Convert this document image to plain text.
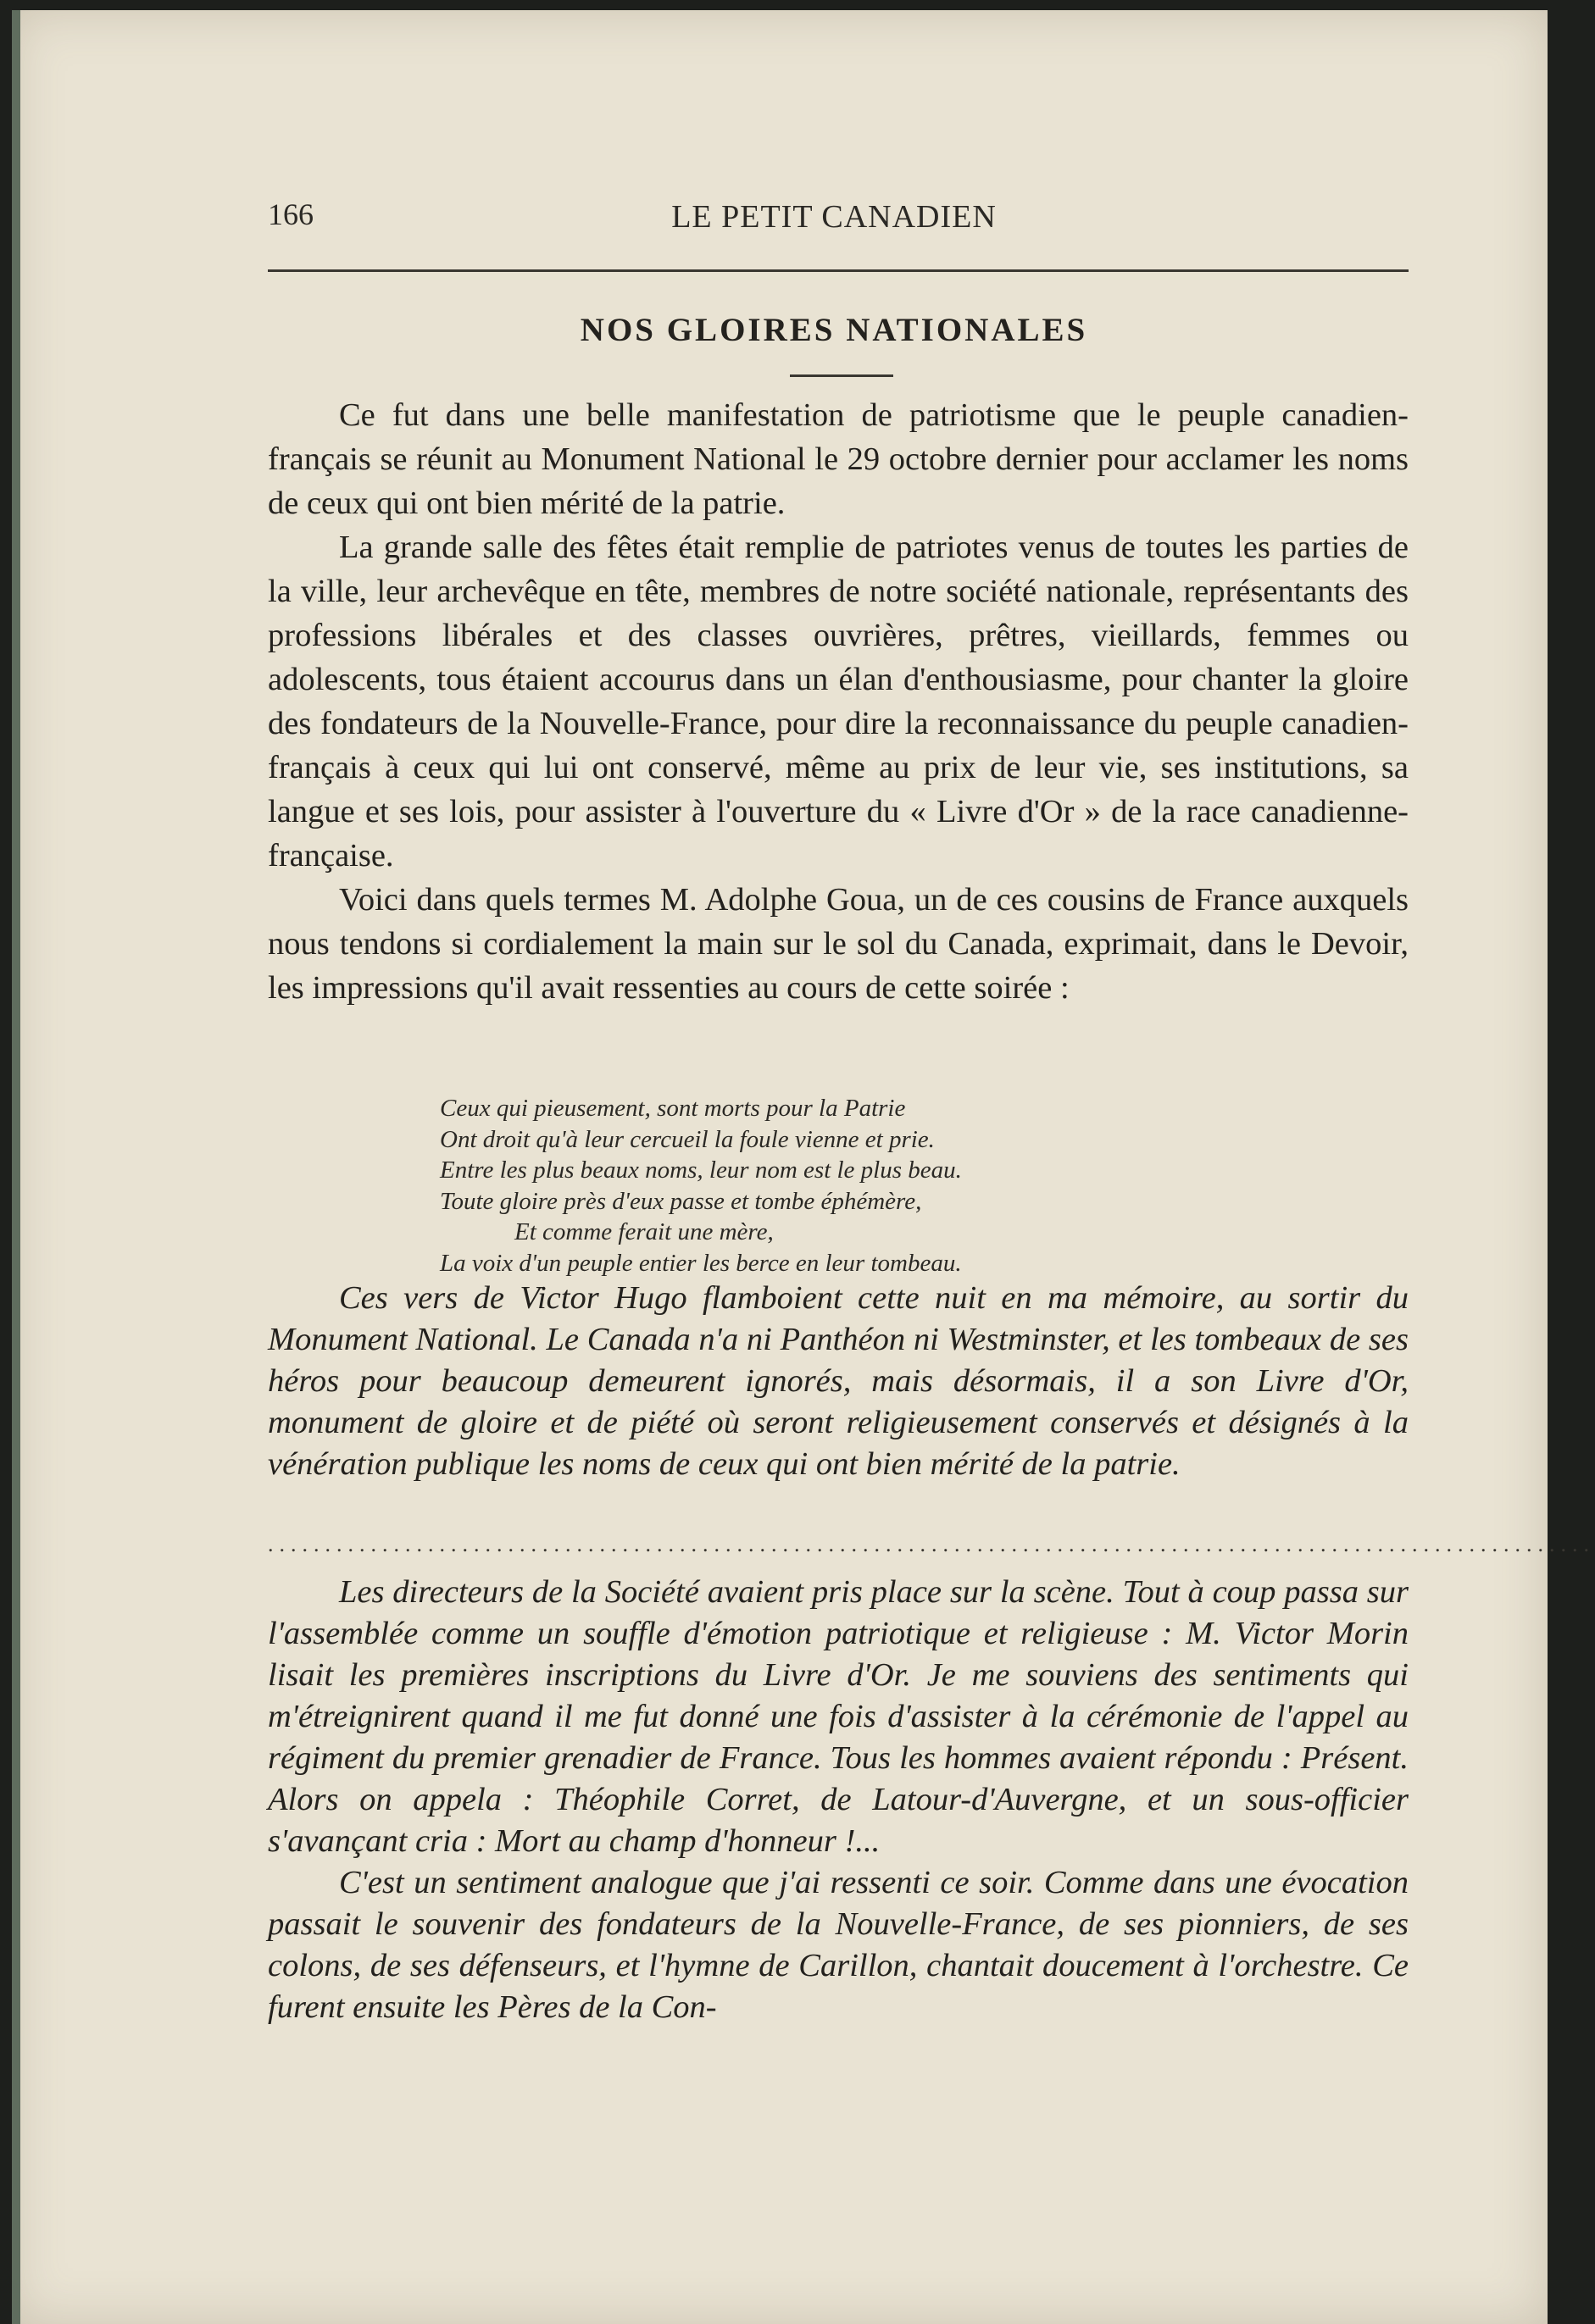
166	LE PETIT CANADIEN
NOS GLOIRES NATIONALES

Ce fut dans une belle manifestation de patriotisme que le peuple canadien-français se réunit au Monument National le 29 octobre dernier pour acclamer les noms de ceux qui ont bien mérité de la patrie.

La grande salle des fêtes était remplie de patriotes venus de toutes les parties de la ville, leur archevêque en tête, membres de notre société nationale, représentants des professions libérales et des classes ouvrières, prêtres, vieillards, femmes ou adolescents, tous étaient accourus dans un élan d'enthousiasme, pour chanter la gloire des fondateurs de la Nouvelle-France, pour dire la reconnaissance du peuple canadien-français à ceux qui lui ont conservé, même au prix de leur vie, ses institutions, sa langue et ses lois, pour assister à l'ouverture du « Livre d'Or » de la race canadienne-française.

Voici dans quels termes M. Adolphe Goua, un de ces cousins de France auxquels nous tendons si cordialement la main sur le sol du Canada, exprimait, dans le Devoir, les impressions qu'il avait ressenties au cours de cette soirée :

Ceux qui pieusement, sont morts pour la Patrie
Ont droit qu'à leur cercueil la foule vienne et prie.
Entre les plus beaux noms, leur nom est le plus beau.
Toute gloire près d'eux passe et tombe éphémère,
Et comme ferait une mère,
La voix d'un peuple entier les berce en leur tombeau.

Ces vers de Victor Hugo flamboient cette nuit en ma mémoire, au sortir du Monument National. Le Canada n'a ni Panthéon ni Westminster, et les tombeaux de ses héros pour beaucoup demeurent ignorés, mais désormais, il a son Livre d'Or, monument de gloire et de piété où seront religieusement conservés et désignés à la vénération publique les noms de ceux qui ont bien mérité de la patrie.

....................................................................................................................

Les directeurs de la Société avaient pris place sur la scène. Tout à coup passa sur l'assemblée comme un souffle d'émotion patriotique et religieuse : M. Victor Morin lisait les premières inscriptions du Livre d'Or. Je me souviens des sentiments qui m'étreignirent quand il me fut donné une fois d'assister à la cérémonie de l'appel au régiment du premier grenadier de France. Tous les hommes avaient répondu : Présent. Alors on appela : Théophile Corret, de Latour-d'Auvergne, et un sous-officier s'avançant cria : Mort au champ d'honneur !...

C'est un sentiment analogue que j'ai ressenti ce soir. Comme dans une évocation passait le souvenir des fondateurs de la Nouvelle-France, de ses pionniers, de ses colons, de ses défenseurs, et l'hymne de Carillon, chantait doucement à l'orchestre. Ce furent ensuite les Pères de la Con-
